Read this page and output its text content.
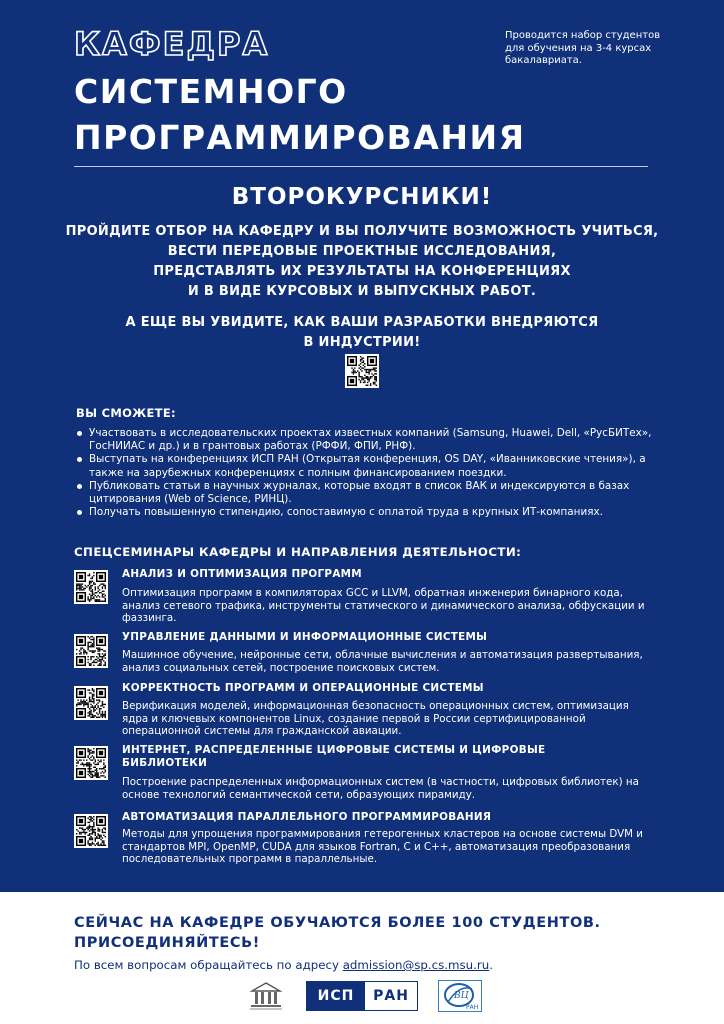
КАФЕДРА
СИСТЕМНОГО
ПРОГРАММИРОВАНИЯ
Проводится набор студентов для обучения на 3-4 курсах бакалавриата.
ВТОРОКУРСНИКИ!
ПРОЙДИТЕ ОТБОР НА КАФЕДРУ И ВЫ ПОЛУЧИТЕ ВОЗМОЖНОСТЬ УЧИТЬСЯ,
ВЕСТИ ПЕРЕДОВЫЕ ПРОЕКТНЫЕ ИССЛЕДОВАНИЯ,
ПРЕДСТАВЛЯТЬ ИХ РЕЗУЛЬТАТЫ НА КОНФЕРЕНЦИЯХ
И В ВИДЕ КУРСОВЫХ И ВЫПУСКНЫХ РАБОТ.
А ЕЩЕ ВЫ УВИДИТЕ, КАК ВАШИ РАЗРАБОТКИ ВНЕДРЯЮТСЯ
В ИНДУСТРИИ!
ВЫ СМОЖЕТЕ:
Участвовать в исследовательских проектах известных компаний (Samsung, Huawei, Dell, «РусБИТех», ГосНИИАС и др.) и в грантовых работах (РФФИ, ФПИ, РНФ).
Выступать на конференциях ИСП РАН (Открытая конференция, OS DAY, «Иванниковские чтения»), а также на зарубежных конференциях с полным финансированием поездки.
Публиковать статьи в научных журналах, которые входят в список ВАК и индексируются в базах цитирования (Web of Science, РИНЦ).
Получать повышенную стипендию, сопоставимую с оплатой труда в крупных ИТ-компаниях.
СПЕЦСЕМИНАРЫ КАФЕДРЫ И НАПРАВЛЕНИЯ ДЕЯТЕЛЬНОСТИ:
АНАЛИЗ И ОПТИМИЗАЦИЯ ПРОГРАММ
Оптимизация программ в компиляторах GCC и LLVM, обратная инженерия бинарного кода, анализ сетевого трафика, инструменты статического и динамического анализа, обфускации и фаззинга.
УПРАВЛЕНИЕ ДАННЫМИ И ИНФОРМАЦИОННЫЕ СИСТЕМЫ
Машинное обучение, нейронные сети, облачные вычисления и автоматизация развертывания, анализ социальных сетей, построение поисковых систем.
КОРРЕКТНОСТЬ ПРОГРАММ И ОПЕРАЦИОННЫЕ СИСТЕМЫ
Верификация моделей, информационная безопасность операционных систем, оптимизация ядра и ключевых компонентов Linux, создание первой в России сертифицированной операционной системы для гражданской авиации.
ИНТЕРНЕТ, РАСПРЕДЕЛЕННЫЕ ЦИФРОВЫЕ СИСТЕМЫ И ЦИФРОВЫЕ БИБЛИОТЕКИ
Построение распределенных информационных систем (в частности, цифровых библиотек) на основе технологий семантической сети, образующих пирамиду.
АВТОМАТИЗАЦИЯ ПАРАЛЛЕЛЬНОГО ПРОГРАММИРОВАНИЯ
Методы для упрощения программирования гетерогенных кластеров на основе системы DVM и стандартов MPI, OpenMP, CUDA для языков Fortran, C и C++, автоматизация преобразования последовательных программ в параллельные.
СЕЙЧАС НА КАФЕДРЕ ОБУЧАЮТСЯ БОЛЕЕ 100 СТУДЕНТОВ.
ПРИСОЕДИНЯЙТЕСЬ!
По всем вопросам обращайтесь по адресу admission@sp.cs.msu.ru.
ИСП	РАН	ВЦ
РАН
